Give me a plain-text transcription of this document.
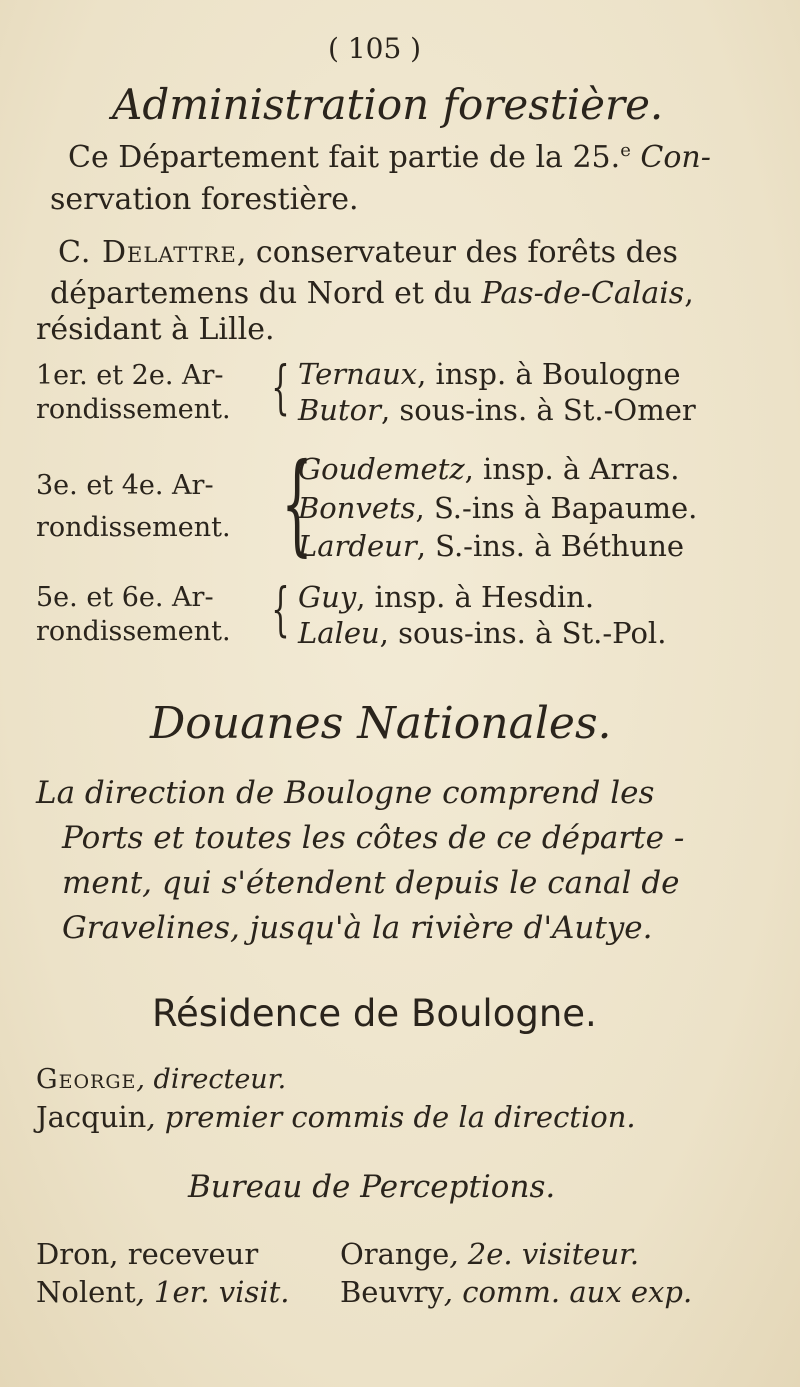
( 105 )
Administration forestière.
Ce Département fait partie de la 25.$^e$ Con-
servation forestière.
C. Delattre, conservateur des forêts des
départemens du Nord et du Pas-de-Calais,
résidant à Lille.
1er. et 2e. Ar-
rondissement. { Ternaux, insp. à Boulogne
Butor, sous-ins. à St.-Omer
3e. et 4e. Ar-
rondissement. {
Goudemetz, insp. à Arras.
Bonvets, S.-ins à Bapaume.
Lardeur, S.-ins. à Béthune
5e. et 6e. Ar-
rondissement. { Guy, insp. à Hesdin.
Laleu, sous-ins. à St.-Pol.
Douanes Nationales.
La direction de Boulogne comprend les
Ports et toutes les côtes de ce départe -
ment, qui s'étendent depuis le canal de
Gravelines, jusqu'à la rivière d'Autye.
Résidence de Boulogne.
George, directeur.
Jacquin, premier commis de la direction.
Bureau de Perceptions.
Dron, receveur	Orange, 2e. visiteur.
Nolent, 1er. visit. Beuvry, comm. aux exp.
